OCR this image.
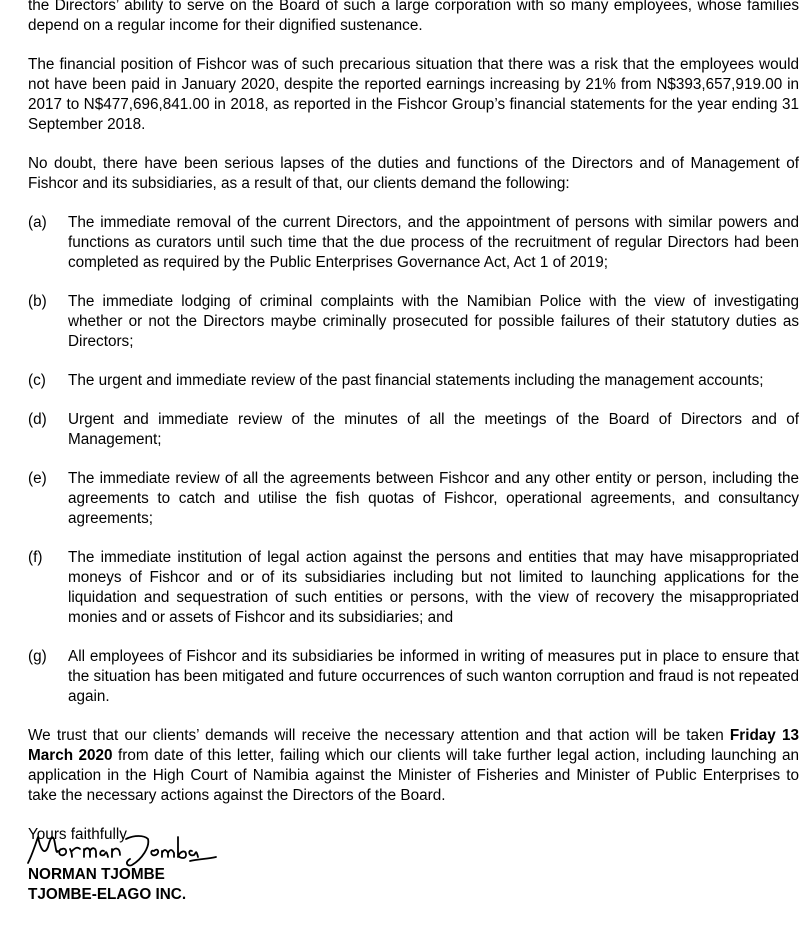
the Directors’ ability to serve on the Board of such a large corporation with so many employees, whose families depend on a regular income for their dignified sustenance.

The financial position of Fishcor was of such precarious situation that there was a risk that the employees would not have been paid in January 2020, despite the reported earnings increasing by 21% from N$393,657,919.00 in 2017 to N$477,696,841.00 in 2018, as reported in the Fishcor Group’s financial statements for the year ending 31 September 2018.

No doubt, there have been serious lapses of the duties and functions of the Directors and of Management of Fishcor and its subsidiaries, as a result of that, our clients demand the following:

(a)	The immediate removal of the current Directors, and the appointment of persons with similar powers and functions as curators until such time that the due process of the recruitment of regular Directors had been completed as required by the Public Enterprises Governance Act, Act 1 of 2019;
(b)	The immediate lodging of criminal complaints with the Namibian Police with the view of investigating whether or not the Directors maybe criminally prosecuted for possible failures of their statutory duties as Directors;
(c)	The urgent and immediate review of the past financial statements including the management accounts;
(d)	Urgent and immediate review of the minutes of all the meetings of the Board of Directors and of Management;
(e)	The immediate review of all the agreements between Fishcor and any other entity or person, including the agreements to catch and utilise the fish quotas of Fishcor, operational agreements, and consultancy agreements;
(f)	The immediate institution of legal action against the persons and entities that may have misappropriated moneys of Fishcor and or of its subsidiaries including but not limited to launching applications for the liquidation and sequestration of such entities or persons, with the view of recovery the misappropriated monies and or assets of Fishcor and its subsidiaries; and
(g)	All employees of Fishcor and its subsidiaries be informed in writing of measures put in place to ensure that the situation has been mitigated and future occurrences of such wanton corruption and fraud is not repeated again.

We trust that our clients’ demands will receive the necessary attention and that action will be taken Friday 13 March 2020 from date of this letter, failing which our clients will take further legal action, including launching an application in the High Court of Namibia against the Minister of Fisheries and Minister of Public Enterprises to take the necessary actions against the Directors of the Board.

Yours faithfully
NORMAN TJOMBE
TJOMBE-ELAGO INC.
